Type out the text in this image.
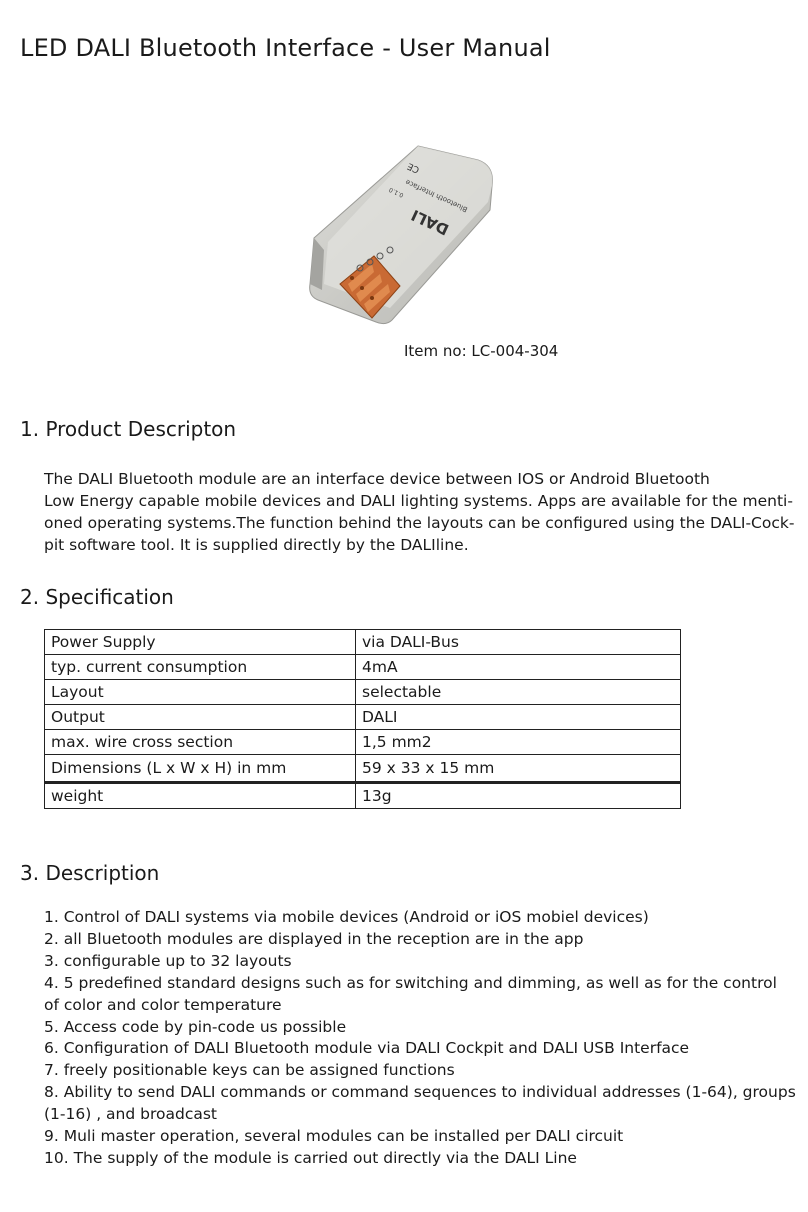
LED DALI Bluetooth Interface - User Manual
DALI
Bluetooth Interface
CE
0.1.0
Item no: LC-004-304
1. Product Descripton

The DALI Bluetooth module are an interface device between IOS or Android Bluetooth
Low Energy capable mobile devices and DALI lighting systems. Apps are available for the menti-
oned operating systems.The function behind the layouts can be configured using the DALI-Cock-
pit software tool. It is supplied directly by the DALIline.

2. Specification
Power Supply	via DALI-Bus
typ. current consumption	4mA
Layout	selectable
Output	DALI
max. wire cross section	1,5 mm2
Dimensions (L x W x H) in mm	59 x 33 x 15 mm
weight	13g
3. Description
1. Control of DALI systems via mobile devices (Android or iOS mobiel devices)
2. all Bluetooth modules are displayed in the reception are in the app
3. configurable up to 32 layouts
4. 5 predefined standard designs such as for switching and dimming, as well as for the control of color and color temperature
5. Access code by pin-code us possible
6. Configuration of DALI Bluetooth module via DALI Cockpit and DALI USB Interface
7. freely positionable keys can be assigned functions
8. Ability to send DALI commands or command sequences to individual addresses (1-64), groups (1-16) , and broadcast
9. Muli master operation, several modules can be installed per DALI circuit
10. The supply of the module is carried out directly via the DALI Line
